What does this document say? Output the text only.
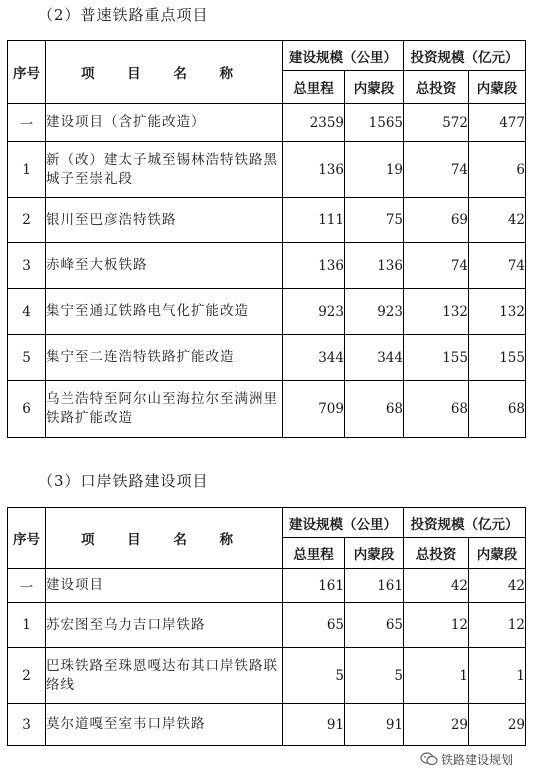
（2）普速铁路重点项目
序号	项 目 名 称	建设规模（公里）		投资规模（亿元）	
		总里程	内蒙段	总投资	内蒙段
一	建设项目（含扩能改造）	2359	1565	572	477
1	新（改）建太子城至锡林浩特铁路黑城子至崇礼段	136	19	74	6
2	银川至巴彦浩特铁路	111	75	69	42
3	赤峰至大板铁路	136	136	74	74
4	集宁至通辽铁路电气化扩能改造	923	923	132	132
5	集宁至二连浩特铁路扩能改造	344	344	155	155
6	乌兰浩特至阿尔山至海拉尔至满洲里铁路扩能改造	709	68	68	68
（3）口岸铁路建设项目
序号	项 目 名 称	建设规模（公里）		投资规模（亿元）	
		总里程	内蒙段	总投资	内蒙段
一	建设项目	161	161	42	42
1	苏宏图至乌力吉口岸铁路	65	65	12	12
2	巴珠铁路至珠恩嘎达布其口岸铁路联络线	5	5	1	1
3	莫尔道嘎至室韦口岸铁路	91	91	29	29
铁路建设规划
